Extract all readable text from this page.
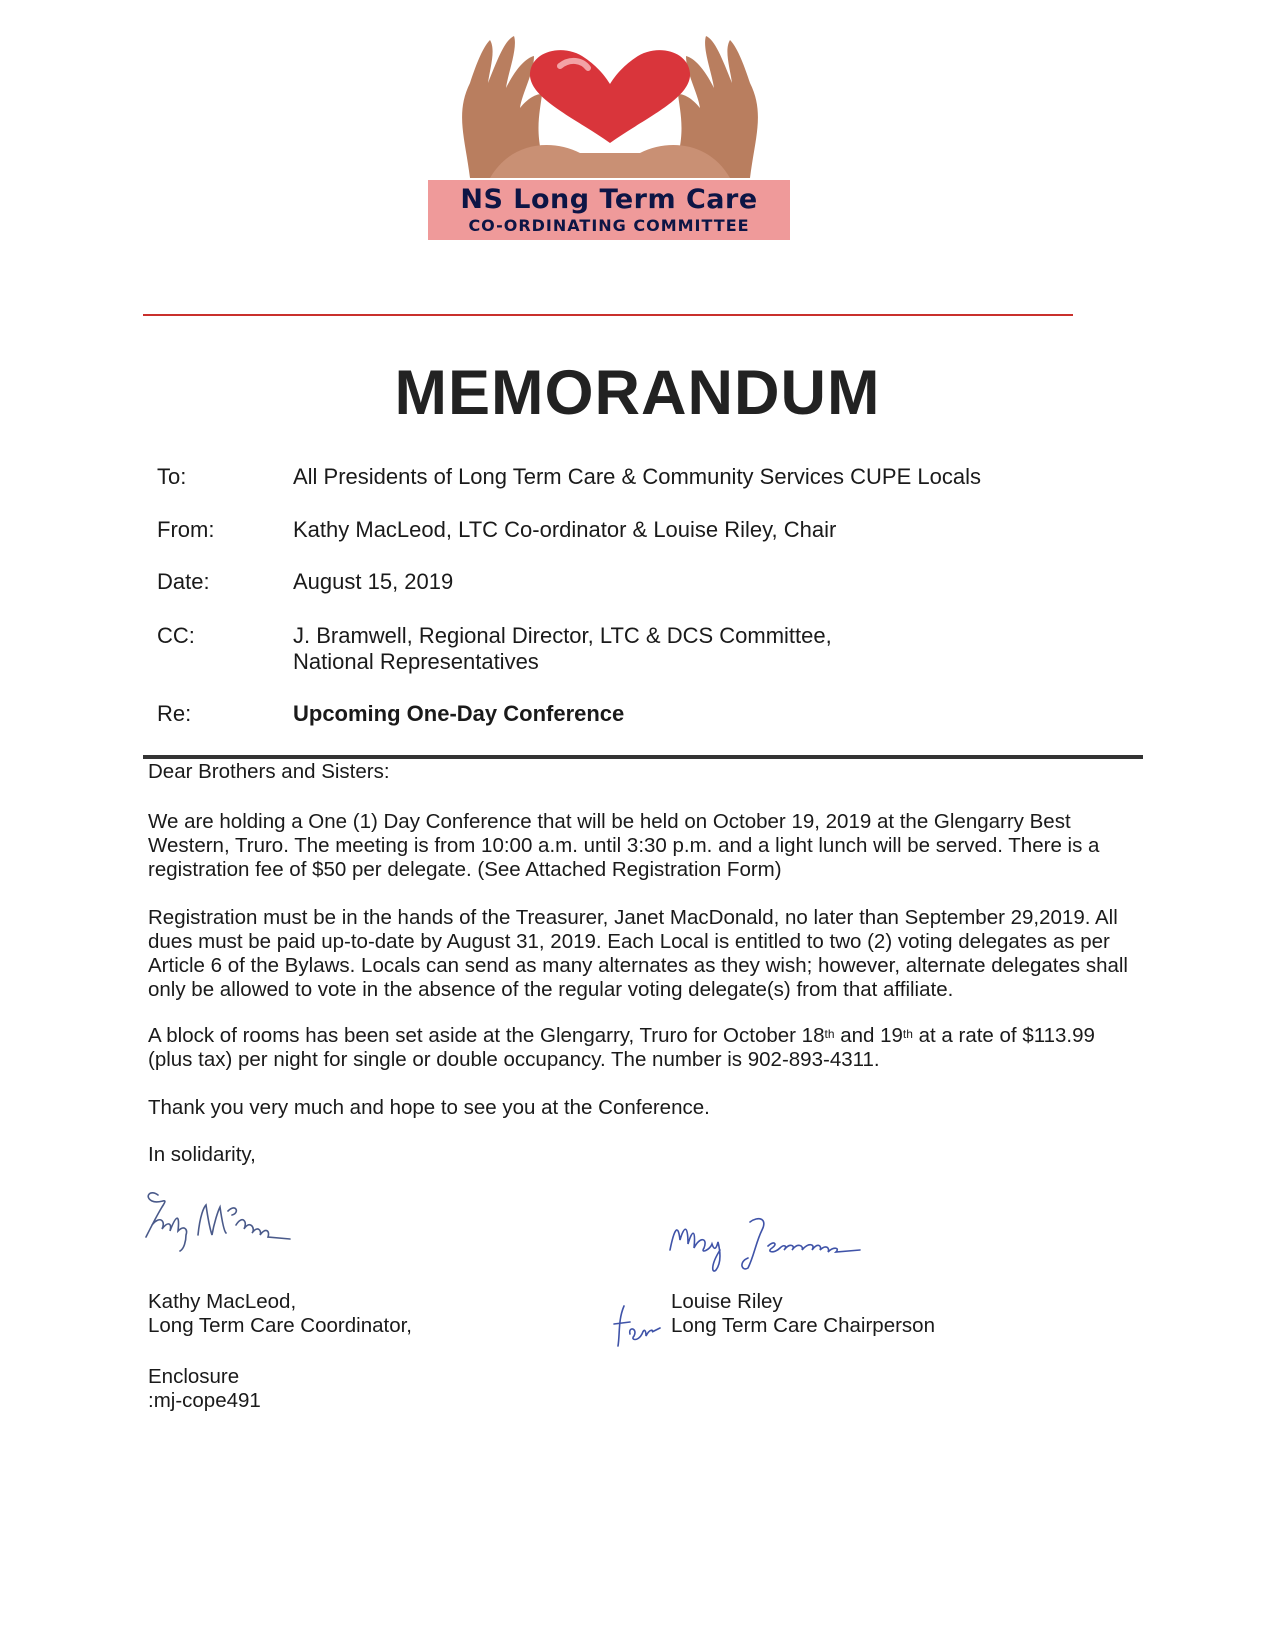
NS Long Term Care
CO-ORDINATING COMMITTEE
MEMORANDUM
To:	All Presidents of Long Term Care & Community Services CUPE Locals
From:	Kathy MacLeod, LTC Co-ordinator & Louise Riley, Chair
Date:	August 15, 2019
CC:	J. Bramwell, Regional Director, LTC & DCS Committee,
National Representatives
Re:	Upcoming One-Day Conference

Dear Brothers and Sisters:

We are holding a One (1) Day Conference that will be held on October 19, 2019 at the Glengarry Best Western, Truro. The meeting is from 10:00 a.m. until 3:30 p.m. and a light lunch will be served. There is a registration fee of $50 per delegate. (See Attached Registration Form)

Registration must be in the hands of the Treasurer, Janet MacDonald, no later than September 29,2019. All dues must be paid up-to-date by August 31, 2019. Each Local is entitled to two (2) voting delegates as per Article 6 of the Bylaws. Locals can send as many alternates as they wish; however, alternate delegates shall only be allowed to vote in the absence of the regular voting delegate(s) from that affiliate.

A block of rooms has been set aside at the Glengarry, Truro for October 18th and 19th at a rate of $113.99 (plus tax) per night for single or double occupancy. The number is 902-893-4311.

Thank you very much and hope to see you at the Conference.

In solidarity,

Kathy MacLeod,
Long Term Care Coordinator,
Louise Riley
Long Term Care Chairperson
Enclosure
:mj-cope491
